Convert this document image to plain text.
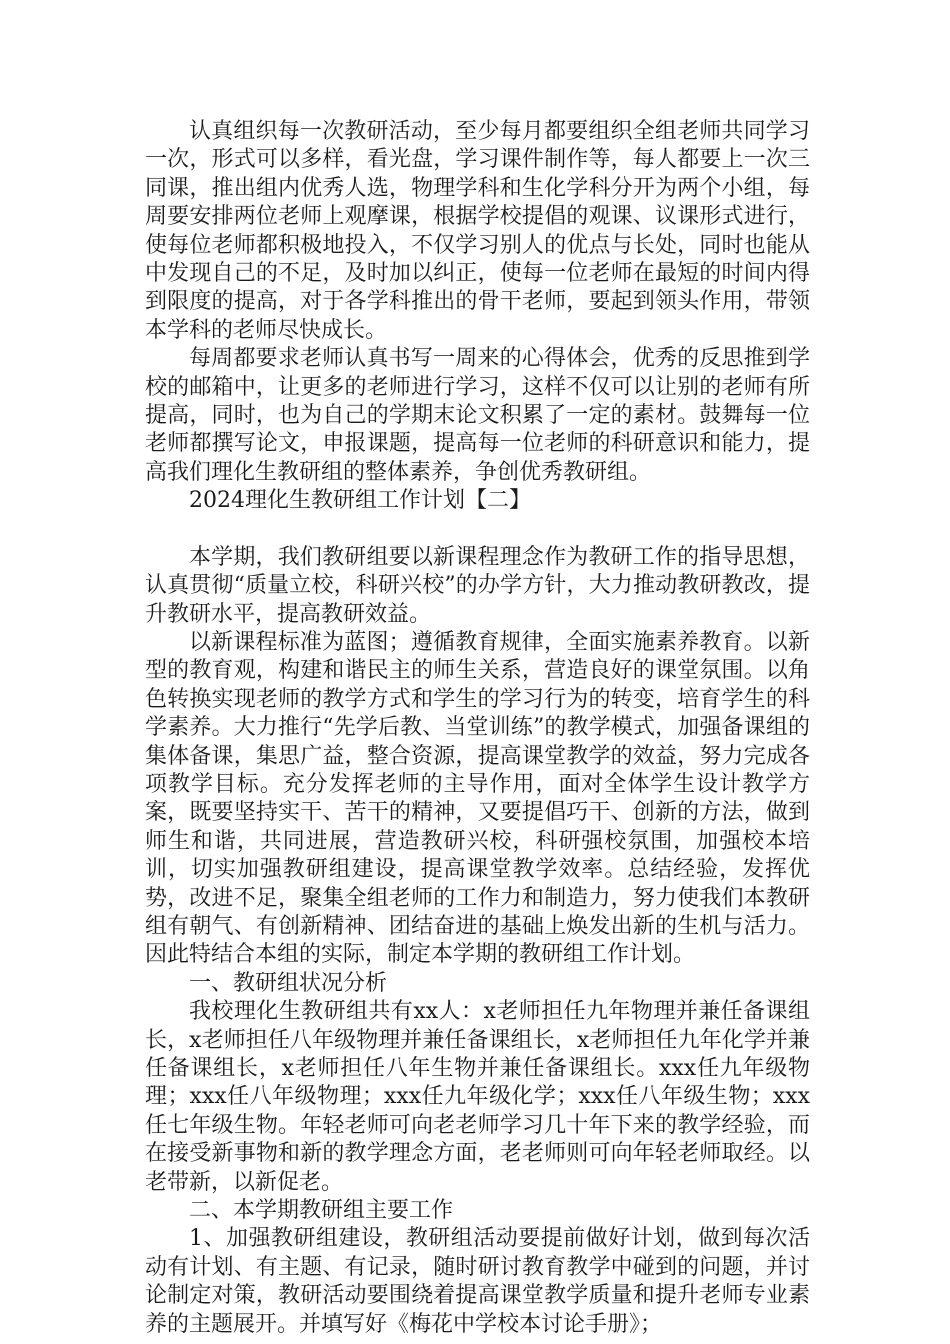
认真组织每一次教研活动，至少每月都要组织全组老师共同学习一次，形式可以多样，看光盘，学习课件制作等，每人都要上一次三同课，推出组内优秀人选，物理学科和生化学科分开为两个小组，每周要安排两位老师上观摩课，根据学校提倡的观课、议课形式进行，使每位老师都积极地投入，不仅学习别人的优点与长处，同时也能从中发现自己的不足，及时加以纠正，使每一位老师在最短的时间内得到限度的提高，对于各学科推出的骨干老师，要起到领头作用，带领本学科的老师尽快成长。

每周都要求老师认真书写一周来的心得体会，优秀的反思推到学校的邮箱中，让更多的老师进行学习，这样不仅可以让别的老师有所提高，同时，也为自己的学期末论文积累了一定的素材。鼓舞每一位老师都撰写论文，申报课题，提高每一位老师的科研意识和能力，提高我们理化生教研组的整体素养，争创优秀教研组。

2024理化生教研组工作计划【二】

本学期，我们教研组要以新课程理念作为教研工作的指导思想，认真贯彻“质量立校，科研兴校”的办学方针，大力推动教研教改，提升教研水平，提高教研效益。

以新课程标准为蓝图；遵循教育规律，全面实施素养教育。以新型的教育观，构建和谐民主的师生关系，营造良好的课堂氛围。以角色转换实现老师的教学方式和学生的学习行为的转变，培育学生的科学素养。大力推行“先学后教、当堂训练”的教学模式，加强备课组的集体备课，集思广益，整合资源，提高课堂教学的效益，努力完成各项教学目标。充分发挥老师的主导作用，面对全体学生设计教学方案，既要坚持实干、苦干的精神，又要提倡巧干、创新的方法，做到师生和谐，共同进展，营造教研兴校，科研强校氛围，加强校本培训，切实加强教研组建设，提高课堂教学效率。总结经验，发挥优势，改进不足，聚集全组老师的工作力和制造力，努力使我们本教研组有朝气、有创新精神、团结奋进的基础上焕发出新的生机与活力。因此特结合本组的实际，制定本学期的教研组工作计划。

一、教研组状况分析

我校理化生教研组共有xx人：x老师担任九年物理并兼任备课组长，x老师担任八年级物理并兼任备课组长，x老师担任九年化学并兼任备课组长，x老师担任八年生物并兼任备课组长。xxx任九年级物理；xxx任八年级物理；xxx任九年级化学；xxx任八年级生物；xxx任七年级生物。年轻老师可向老老师学习几十年下来的教学经验，而在接受新事物和新的教学理念方面，老老师则可向年轻老师取经。以老带新，以新促老。

二、本学期教研组主要工作

1、加强教研组建设，教研组活动要提前做好计划，做到每次活动有计划、有主题、有记录，随时研讨教育教学中碰到的问题，并讨论制定对策，教研活动要围绕着提高课堂教学质量和提升老师专业素养的主题展开。并填写好《梅花中学校本讨论手册》；
